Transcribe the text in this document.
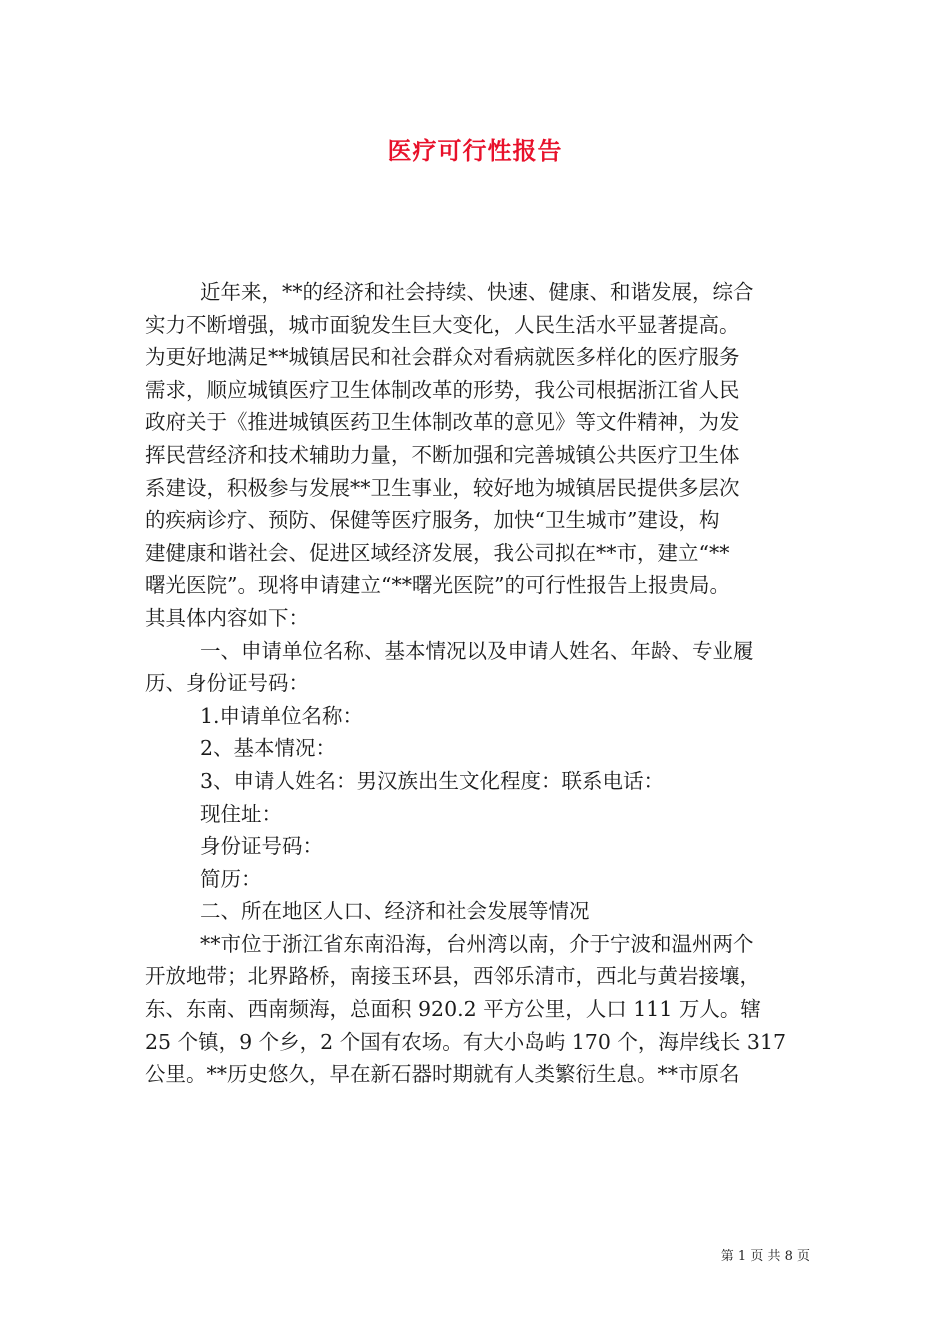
医疗可行性报告
近年来，**的经济和社会持续、快速、健康、和谐发展，综合
实力不断增强，城市面貌发生巨大变化，人民生活水平显著提高。
为更好地满足**城镇居民和社会群众对看病就医多样化的医疗服务
需求，顺应城镇医疗卫生体制改革的形势，我公司根据浙江省人民
政府关于《推进城镇医药卫生体制改革的意见》等文件精神，为发
挥民营经济和技术辅助力量，不断加强和完善城镇公共医疗卫生体
系建设，积极参与发展**卫生事业，较好地为城镇居民提供多层次
的疾病诊疗、预防、保健等医疗服务，加快“卫生城市”建设，构
建健康和谐社会、促进区域经济发展，我公司拟在**市，建立“**
曙光医院”。现将申请建立“**曙光医院”的可行性报告上报贵局。
其具体内容如下：
一、申请单位名称、基本情况以及申请人姓名、年龄、专业履
历、身份证号码：
1.申请单位名称：
2、基本情况：
3、申请人姓名：男汉族出生文化程度：联系电话：
现住址：
身份证号码：
简历：
二、所在地区人口、经济和社会发展等情况
**市位于浙江省东南沿海，台州湾以南，介于宁波和温州两个
开放地带；北界路桥，南接玉环县，西邻乐清市，西北与黄岩接壤，
东、东南、西南频海，总面积 920.2 平方公里，人口 111 万人。辖
25 个镇，9 个乡，2 个国有农场。有大小岛屿 170 个，海岸线长 317
公里。**历史悠久，早在新石器时期就有人类繁衍生息。**市原名
第 1 页 共 8 页
